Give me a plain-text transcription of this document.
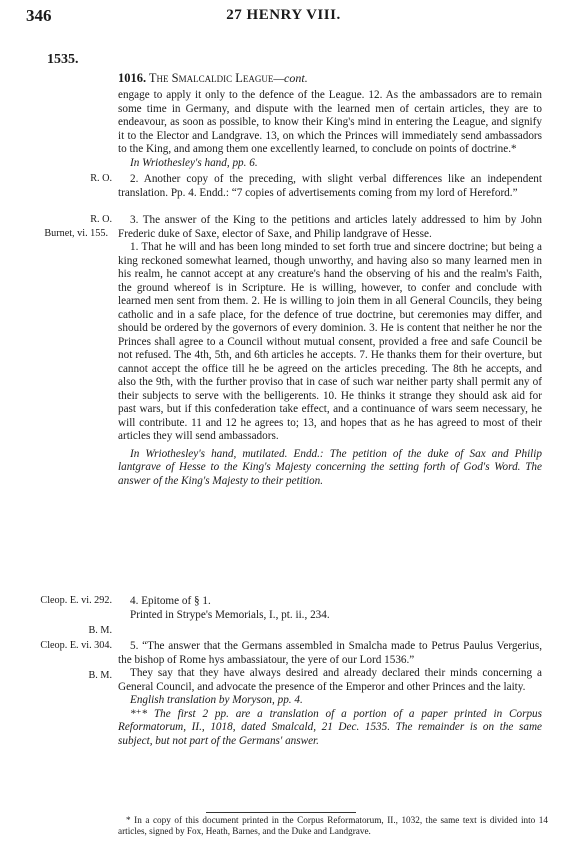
346	27 HENRY VIII.
1535.
1016. The Smalcaldic League—cont.

engage to apply it only to the defence of the League. 12. As the ambassadors are to remain some time in Germany, and dispute with the learned men of certain articles, they are to endeavour, as soon as possible, to know their King's mind in entering the League, and signify it to the Elector and Landgrave. 13, on which the Princes will immediately send ambassadors to the King, and among them one excellently learned, to conclude on points of doctrine.*

In Wriothesley's hand, pp. 6.

R. O.	2. Another copy of the preceding, with slight verbal differences like an independent translation. Pp. 4. Endd.: “7 copies of advertisements coming from my lord of Hereford.”

R. O.
Burnet, vi. 155.

3. The answer of the King to the petitions and articles lately addressed to him by John Frederic duke of Saxe, elector of Saxe, and Philip landgrave of Hesse.

1. That he will and has been long minded to set forth true and sincere doctrine; but being a king reckoned somewhat learned, though unworthy, and having also so many learned men in his realm, he cannot accept at any creature's hand the observing of his and the realm's Faith, the ground whereof is in Scripture. He is willing, however, to confer and conclude with learned men sent from them. 2. He is willing to join them in all General Councils, they being catholic and in a safe place, for the defence of true doctrine, but ceremonies may differ, and should be ordered by the governors of every dominion. 3. He is content that neither he nor the Princes shall agree to a Council without mutual consent, provided a free and safe Council be not refused. The 4th, 5th, and 6th articles he accepts. 7. He thanks them for their overture, but cannot accept the office till he be agreed on the articles preceding. The 8th he accepts, and also the 9th, with the further proviso that in case of such war neither party shall permit any of their subjects to serve with the belligerents. 10. He thinks it strange they should ask aid for past wars, but if this confederation take effect, and a continuance of wars seem necessary, he will contribute. 11 and 12 he agrees to; 13, and hopes that as he has agreed to most of their articles they will send ambassadors.

In Wriothesley's hand, mutilated. Endd.: The petition of the duke of Sax and Philip lantgrave of Hesse to the King's Majesty concerning the setting forth of God's Word. The answer of the King's Majesty to their petition.

Cleop. E. vi. 292.
B. M.

4. Epitome of § 1.

Printed in Strype's Memorials, I., pt. ii., 234.

Cleop. E. vi. 304.
B. M.

5. “The answer that the Germans assembled in Smalcha made to Petrus Paulus Vergerius, the bishop of Rome hys ambassiatour, the yere of our Lord 1536.”

They say that they have always desired and already declared their minds concerning a General Council, and advocate the presence of the Emperor and other Princes and the laity.

English translation by Moryson, pp. 4.

*⁺* The first 2 pp. are a translation of a portion of a paper printed in Corpus Reformatorum, II., 1018, dated Smalcald, 21 Dec. 1535. The remainder is on the same subject, but not part of the Germans' answer.

* In a copy of this document printed in the Corpus Reformatorum, II., 1032, the same text is divided into 14 articles, signed by Fox, Heath, Barnes, and the Duke and Landgrave.
